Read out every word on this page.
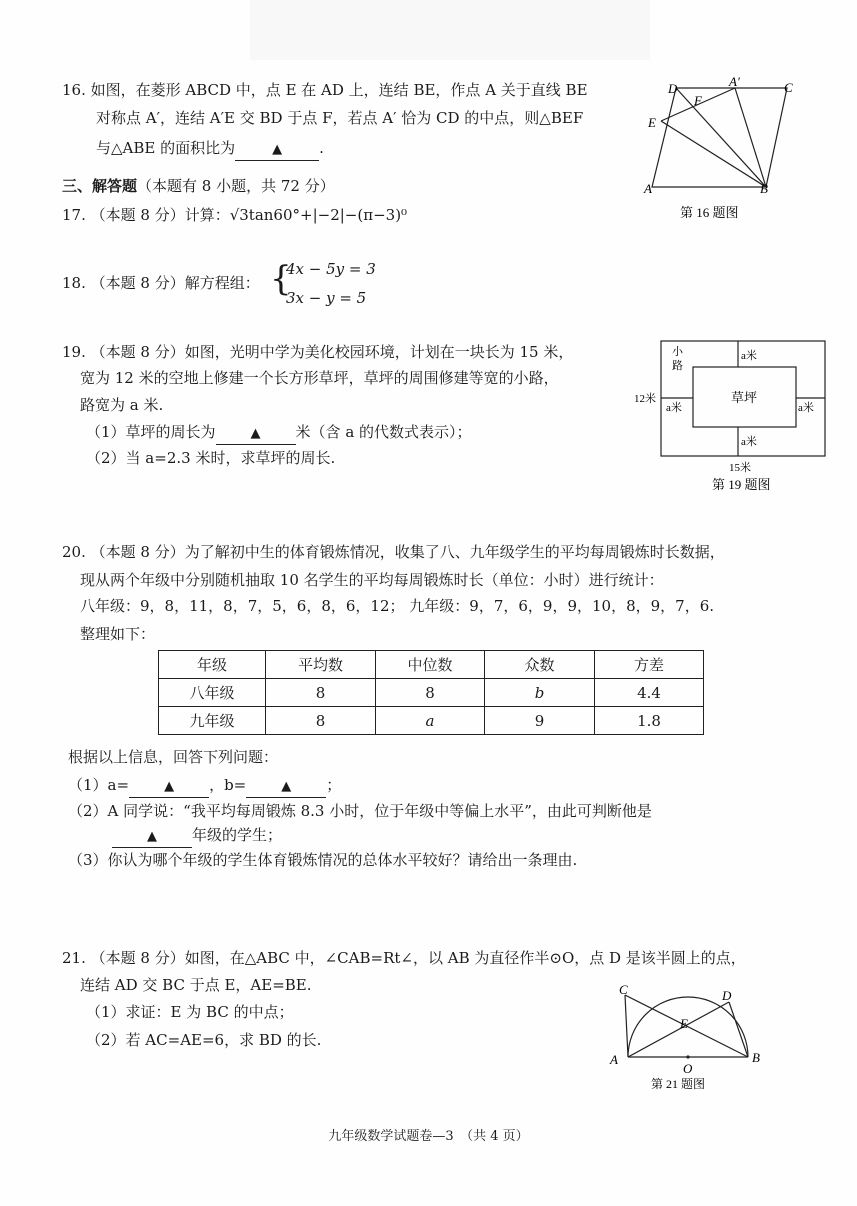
16. 如图，在菱形 ABCD 中，点 E 在 AD 上，连结 BE，作点 A 关于直线 BE
对称点 A′，连结 A′E 交 BD 于点 F，若点 A′ 恰为 CD 的中点，则△BEF
与△ABE 的面积比为	▲ .
D	A′	C
F
E
A	B
第 16 题图
三、解答题（本题有 8 小题，共 72 分）
17. （本题 8 分）计算：√3tan60°+|−2|−(π−3)⁰
18. （本题 8 分）解方程组： {
4x − 5y = 3
3x − y = 5
19. （本题 8 分）如图，光明中学为美化校园环境，计划在一块长为 15 米，
宽为 12 米的空地上修建一个长方形草坪，草坪的周围修建等宽的小路，
路宽为 a 米.
（1）草坪的周长为	▲ 米（含 a 的代数式表示）；
（2）当 a=2.3 米时，求草坪的周长.
小
路
草坪
a米
a米
a米	a米
12米
15米
第 19 题图
20. （本题 8 分）为了解初中生的体育锻炼情况，收集了八、九年级学生的平均每周锻炼时长数据，
现从两个年级中分别随机抽取 10 名学生的平均每周锻炼时长（单位：小时）进行统计：
八年级：9，8，11，8，7，5，6，8，6，12； 九年级：9，7，6，9，9，10，8，9，7，6.
整理如下：
年级	平均数	中位数	众数	方差
八年级	8	8	b	4.4
九年级	8	a	9	1.8
根据以上信息，回答下列问题：
（1）a=	▲ ，b=	▲ ；
（2）A 同学说：“我平均每周锻炼 8.3 小时，位于年级中等偏上水平”，由此可判断他是
▲ 年级的学生；
（3）你认为哪个年级的学生体育锻炼情况的总体水平较好？请给出一条理由.
21. （本题 8 分）如图，在△ABC 中，∠CAB=Rt∠，以 AB 为直径作半⊙O，点 D 是该半圆上的点，
连结 AD 交 BC 于点 E，AE=BE.
（1）求证：E 为 BC 的中点；
（2）若 AC=AE=6，求 BD 的长.
C
A	B
O
D
E
第 21 题图
九年级数学试题卷—3　（共 4 页）
